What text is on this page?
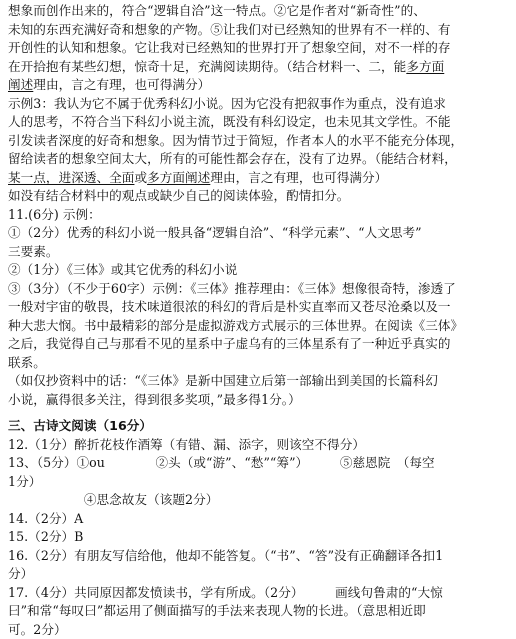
想象而创作出来的，符合“逻辑自洽”这一特点。②它是作者对“新奇性”的、
未知的东西充满好奇和想象的产物。⑤让我们对已经熟知的世界有不一样的、有
开创性的认知和想象。它让我对已经熟知的世界打开了想象空间，对不一样的存
在开拾抱有某些幻想，惊奇十足，充满阅读期待。（结合材料一、二，能多方面
阐述理由，言之有理，也可得满分）
示例3：我认为它不属于优秀科幻小说。因为它没有把叙事作为重点，没有追求
人的思考，不符合当下科幻小说主流，既没有科幻设定，也未见其文学性。不能
引发读者深度的好奇和想象。因为情节过于简短，作者本人的水平不能充分体现，
留给读者的想象空间太大，所有的可能性都会存在，没有了边界。（能结合材料，
某一点，进深透、全面或多方面阐述理由，言之有理，也可得满分）
如没有结合材料中的观点或缺少自己的阅读体验，酌情扣分。
11.(6分) 示例：
①（2分）优秀的科幻小说一般具备“逻辑自洽”、“科学元素”、“人文思考”
三要素。
②（1分）《三体》或其它优秀的科幻小说
③（3分）（不少于60字）示例：《三体》推荐理由：《三体》想像很奇特，渗透了
一般对宇宙的敬畏，技术味道很浓的科幻的背后是朴实直率而又苍尽沧桑以及一
种大悲大悯。书中最精彩的部分是虚拟游戏方式展示的三体世界。在阅读《三体》
之后，我觉得自己与那看不见的星系中子虚乌有的三体星系有了一种近乎真实的
联系。
（如仅抄资料中的话：“《三体》是新中国建立后第一部输出到美国的长篇科幻
小说，赢得很多关注，得到很多奖项，”最多得1分。）
三、古诗文阅读（16分）
12.（1分）醉折花枝作酒筹（有错、漏、添字，则该空不得分）
13、（5分）①ou　　　　②头（或“游”、“愁”“筹”）　　　⑤慈恩院　（每空
1分）
　　　　　　④思念故友（该题2分）
14.（2分）A
15.（2分）B
16.（2分）有朋友写信给他，他却不能答复。（“书”、“答”没有正确翻译各扣1
分）
17.（4分）共同原因都发愤读书，学有所成。（2分）　　　画线句鲁肃的“大惊
曰”和常“每叹曰”都运用了侧面描写的手法来表现人物的长进。（意思相近即
可。2分）
